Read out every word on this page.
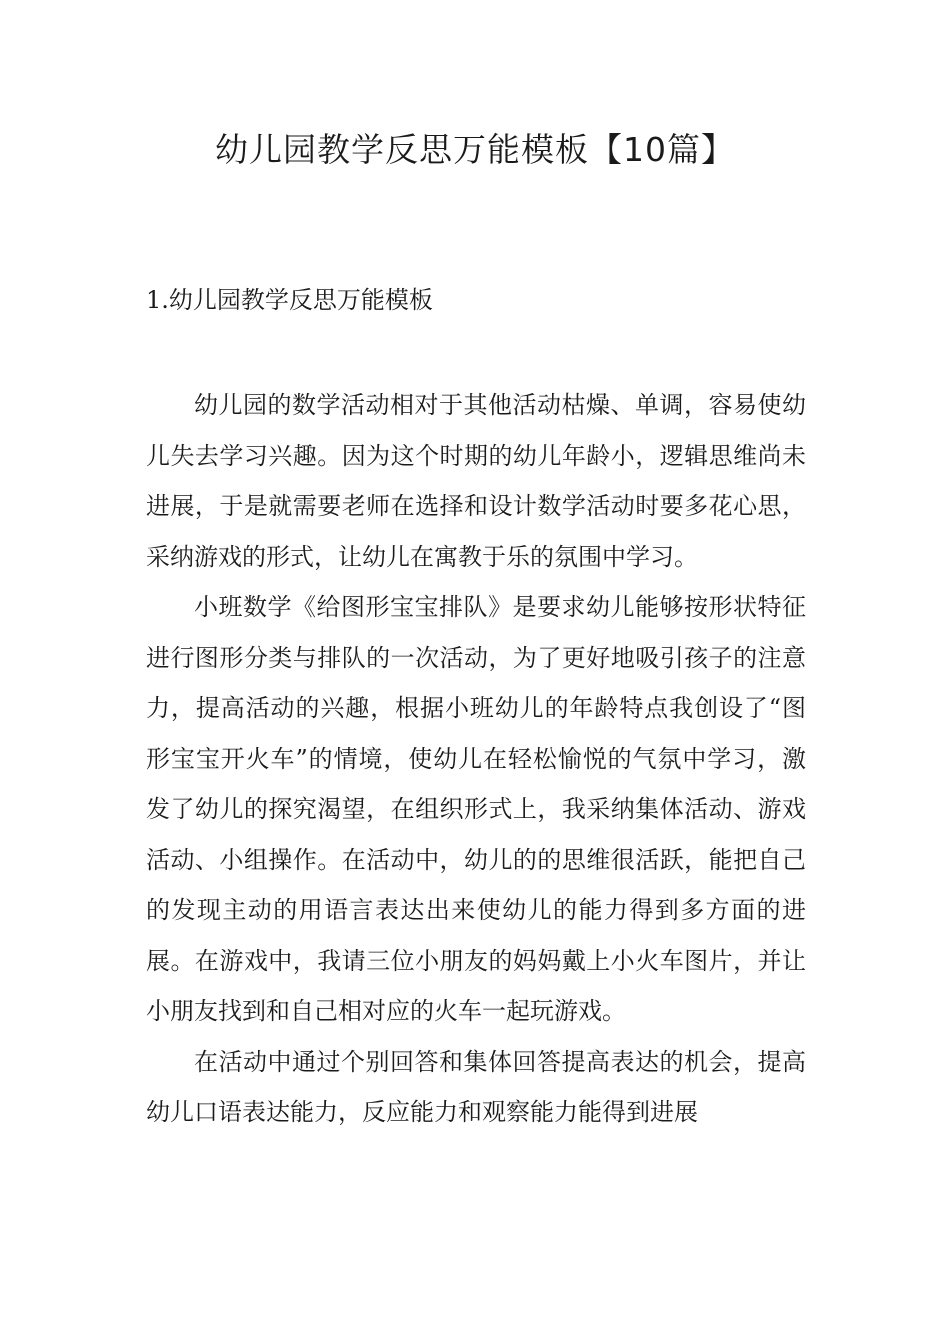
幼儿园教学反思万能模板【10篇】
1.幼儿园教学反思万能模板

幼儿园的数学活动相对于其他活动枯燥、单调，容易使幼儿失去学习兴趣。因为这个时期的幼儿年龄小，逻辑思维尚未进展，于是就需要老师在选择和设计数学活动时要多花心思，采纳游戏的形式，让幼儿在寓教于乐的氛围中学习。

小班数学《给图形宝宝排队》是要求幼儿能够按形状特征进行图形分类与排队的一次活动，为了更好地吸引孩子的注意力，提高活动的兴趣，根据小班幼儿的年龄特点我创设了“图形宝宝开火车”的情境，使幼儿在轻松愉悦的气氛中学习，激发了幼儿的探究渴望，在组织形式上，我采纳集体活动、游戏活动、小组操作。在活动中，幼儿的的思维很活跃，能把自己的发现主动的用语言表达出来使幼儿的能力得到多方面的进展。在游戏中，我请三位小朋友的妈妈戴上小火车图片，并让小朋友找到和自己相对应的火车一起玩游戏。

在活动中通过个别回答和集体回答提高表达的机会，提高幼儿口语表达能力，反应能力和观察能力能得到进展
